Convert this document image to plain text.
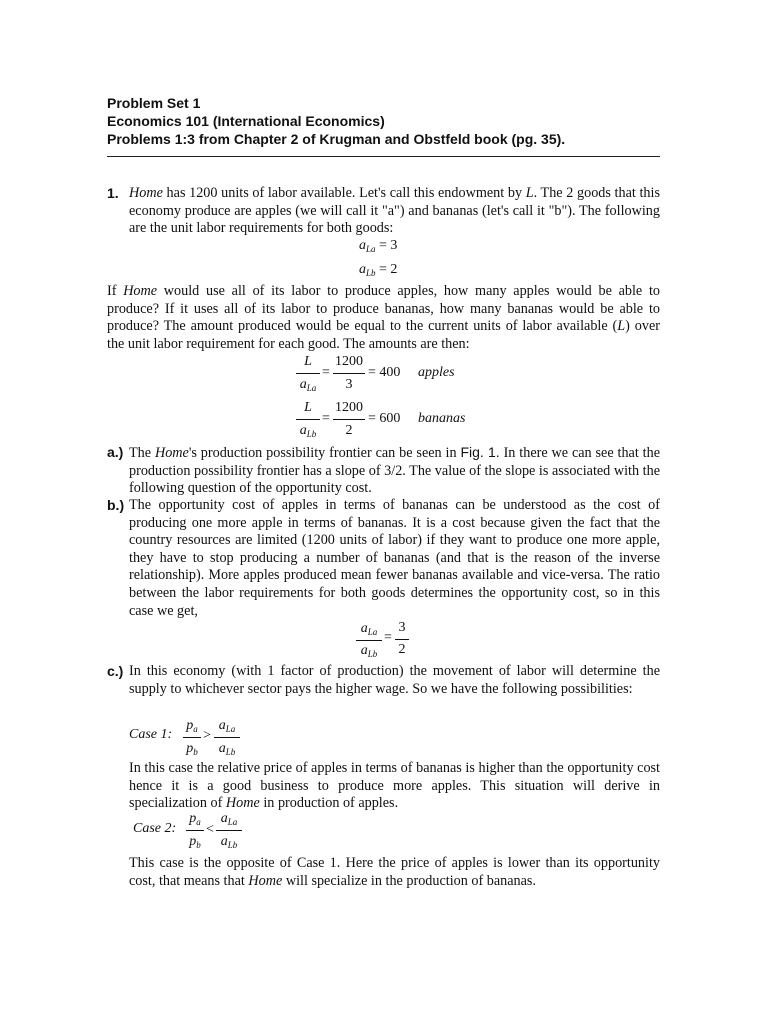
Problem Set 1
Economics 101 (International Economics)
Problems 1:3 from Chapter 2 of Krugman and Obstfeld book (pg. 35).
1. Home has 1200 units of labor available. Let's call this endowment by L. The 2 goods that this economy produce are apples (we will call it "a") and bananas (let's call it "b"). The following are the unit labor requirements for both goods:
$a_{La} = 3$
$a_{Lb} = 2$
If Home would use all of its labor to produce apples, how many apples would be able to produce? If it uses all of its labor to produce bananas, how many bananas would be able to produce? The amount produced would be equal to the current units of labor available (L) over the unit labor requirement for each good. The amounts are then:
L
$a_{La}$
=
1200
3
= 400 apples
L
$a_{Lb}$
=
1200
2
= 600 bananas
a.) The Home's production possibility frontier can be seen in Fig. 1. In there we can see that the production possibility frontier has a slope of 3/2. The value of the slope is associated with the following question of the opportunity cost.
b.) The opportunity cost of apples in terms of bananas can be understood as the cost of producing one more apple in terms of bananas. It is a cost because given the fact that the country resources are limited (1200 units of labor) if they want to produce one more apple, they have to stop producing a number of bananas (and that is the reason of the inverse relationship). More apples produced mean fewer bananas available and vice-versa. The ratio between the labor requirements for both goods determines the opportunity cost, so in this case we get,
$a_{La}$
$a_{Lb}$
=
3
2
c.) In this economy (with 1 factor of production) the movement of labor will determine the supply to whichever sector pays the higher wage. So we have the following possibilities:
Case 1:
$p_a$
$p_b$
>
$a_{La}$
$a_{Lb}$
In this case the relative price of apples in terms of bananas is higher than the opportunity cost hence it is a good business to produce more apples. This situation will derive in specialization of Home in production of apples.
Case 2:
$p_a$
$p_b$
<
$a_{La}$
$a_{Lb}$
This case is the opposite of Case 1. Here the price of apples is lower than its opportunity cost, that means that Home will specialize in the production of bananas.
